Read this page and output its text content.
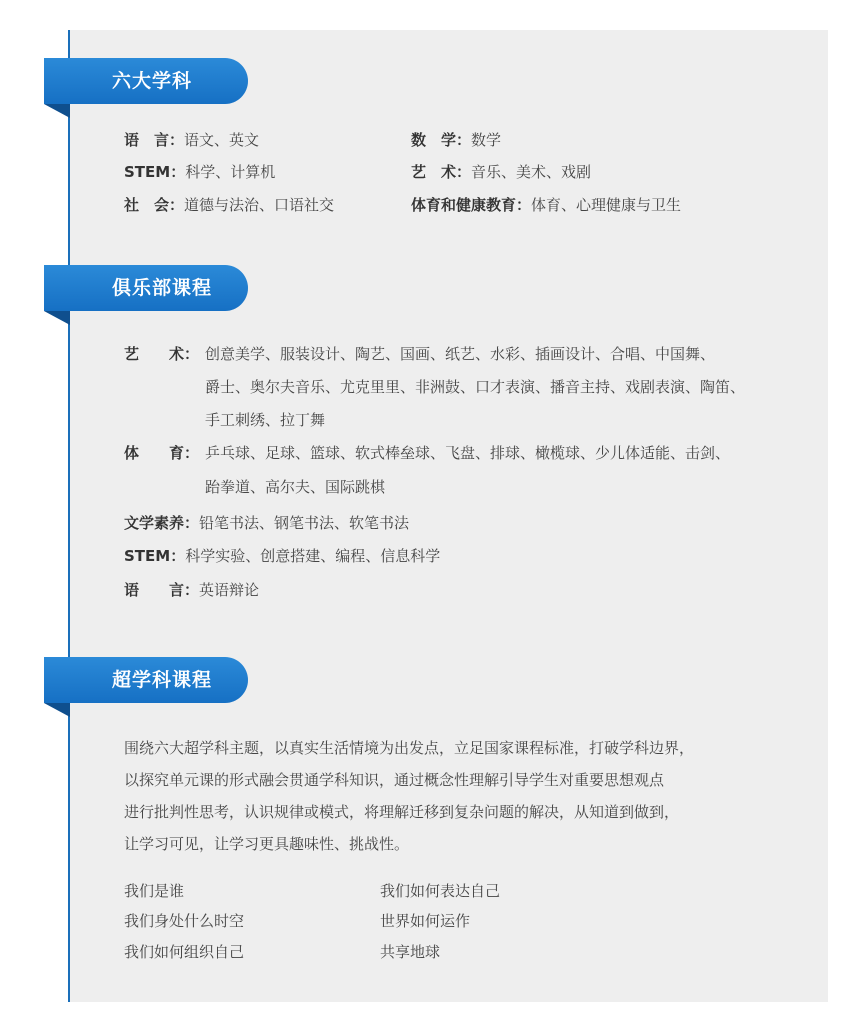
六大学科
语　言：语文、英文
STEM：科学、计算机
社　会：道德与法治、口语社交
数　学：数学
艺　术：音乐、美术、戏剧
体育和健康教育：体育、心理健康与卫生
俱乐部课程
艺　　术： 创意美学、服装设计、陶艺、国画、纸艺、水彩、插画设计、合唱、中国舞、
爵士、奥尔夫音乐、尤克里里、非洲鼓、口才表演、播音主持、戏剧表演、陶笛、
手工刺绣、拉丁舞
体　　育： 乒乓球、足球、篮球、软式棒垒球、飞盘、排球、橄榄球、少儿体适能、击剑、
跆拳道、高尔夫、国际跳棋
文学素养：铅笔书法、钢笔书法、软笔书法
STEM：科学实验、创意搭建、编程、信息科学
语　　言：英语辩论
超学科课程
围绕六大超学科主题，以真实生活情境为出发点，立足国家课程标准，打破学科边界，
以探究单元课的形式融会贯通学科知识，通过概念性理解引导学生对重要思想观点
进行批判性思考，认识规律或模式，将理解迁移到复杂问题的解决，从知道到做到，
让学习可见，让学习更具趣味性、挑战性。
我们是谁
我们身处什么时空
我们如何组织自己
我们如何表达自己
世界如何运作
共享地球
